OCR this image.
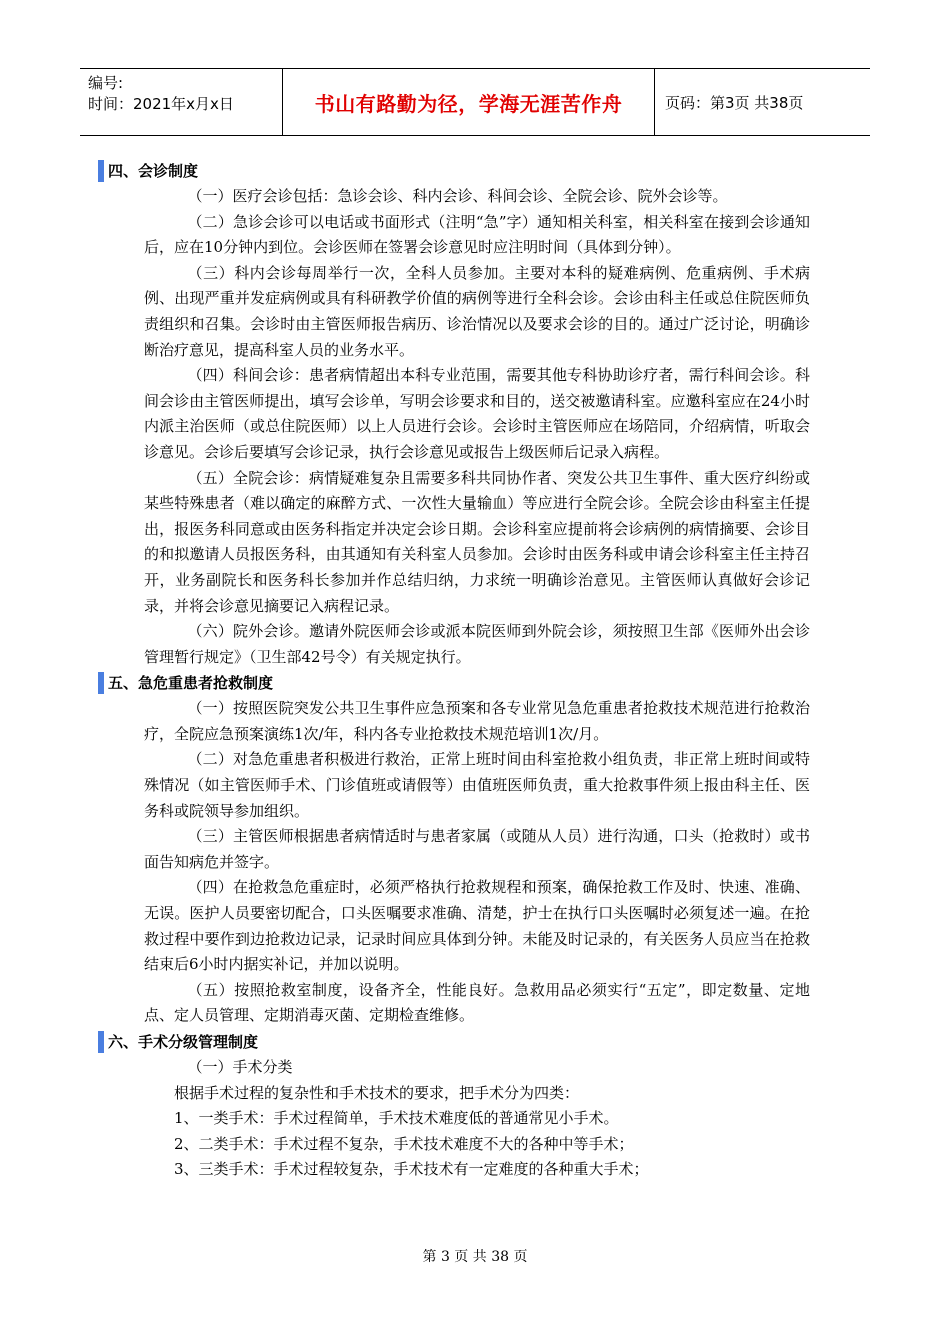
编号:
时间：2021年x月x日	书山有路勤为径，学海无涯苦作舟	页码：第3页 共38页
四、会诊制度

（一）医疗会诊包括：急诊会诊、科内会诊、科间会诊、全院会诊、院外会诊等。

（二）急诊会诊可以电话或书面形式（注明“急”字）通知相关科室，相关科室在接到会诊通知后，应在10分钟内到位。会诊医师在签署会诊意见时应注明时间（具体到分钟）。

（三）科内会诊每周举行一次，全科人员参加。主要对本科的疑难病例、危重病例、手术病例、出现严重并发症病例或具有科研教学价值的病例等进行全科会诊。会诊由科主任或总住院医师负责组织和召集。会诊时由主管医师报告病历、诊治情况以及要求会诊的目的。通过广泛讨论，明确诊断治疗意见，提高科室人员的业务水平。

（四）科间会诊：患者病情超出本科专业范围，需要其他专科协助诊疗者，需行科间会诊。科间会诊由主管医师提出，填写会诊单，写明会诊要求和目的，送交被邀请科室。应邀科室应在24小时内派主治医师（或总住院医师）以上人员进行会诊。会诊时主管医师应在场陪同，介绍病情，听取会诊意见。会诊后要填写会诊记录，执行会诊意见或报告上级医师后记录入病程。

（五）全院会诊：病情疑难复杂且需要多科共同协作者、突发公共卫生事件、重大医疗纠纷或某些特殊患者（难以确定的麻醉方式、一次性大量输血）等应进行全院会诊。全院会诊由科室主任提出，报医务科同意或由医务科指定并决定会诊日期。会诊科室应提前将会诊病例的病情摘要、会诊目的和拟邀请人员报医务科，由其通知有关科室人员参加。会诊时由医务科或申请会诊科室主任主持召开，业务副院长和医务科长参加并作总结归纳，力求统一明确诊治意见。主管医师认真做好会诊记录，并将会诊意见摘要记入病程记录。

（六）院外会诊。邀请外院医师会诊或派本院医师到外院会诊，须按照卫生部《医师外出会诊管理暂行规定》（卫生部42号令）有关规定执行。

五、急危重患者抢救制度

（一）按照医院突发公共卫生事件应急预案和各专业常见急危重患者抢救技术规范进行抢救治疗，全院应急预案演练1次/年，科内各专业抢救技术规范培训1次/月。

（二）对急危重患者积极进行救治，正常上班时间由科室抢救小组负责，非正常上班时间或特殊情况（如主管医师手术、门诊值班或请假等）由值班医师负责，重大抢救事件须上报由科主任、医务科或院领导参加组织。

（三）主管医师根据患者病情适时与患者家属（或随从人员）进行沟通，口头（抢救时）或书面告知病危并签字。

（四）在抢救急危重症时，必须严格执行抢救规程和预案，确保抢救工作及时、快速、准确、无误。医护人员要密切配合，口头医嘱要求准确、清楚，护士在执行口头医嘱时必须复述一遍。在抢救过程中要作到边抢救边记录，记录时间应具体到分钟。未能及时记录的，有关医务人员应当在抢救结束后6小时内据实补记，并加以说明。

（五）按照抢救室制度，设备齐全，性能良好。急救用品必须实行“五定”，即定数量、定地点、定人员管理、定期消毒灭菌、定期检查维修。

六、手术分级管理制度

（一）手术分类

根据手术过程的复杂性和手术技术的要求，把手术分为四类：

1、一类手术：手术过程简单，手术技术难度低的普通常见小手术。

2、二类手术：手术过程不复杂，手术技术难度不大的各种中等手术；

3、三类手术：手术过程较复杂，手术技术有一定难度的各种重大手术；

第 3 页 共 38 页
